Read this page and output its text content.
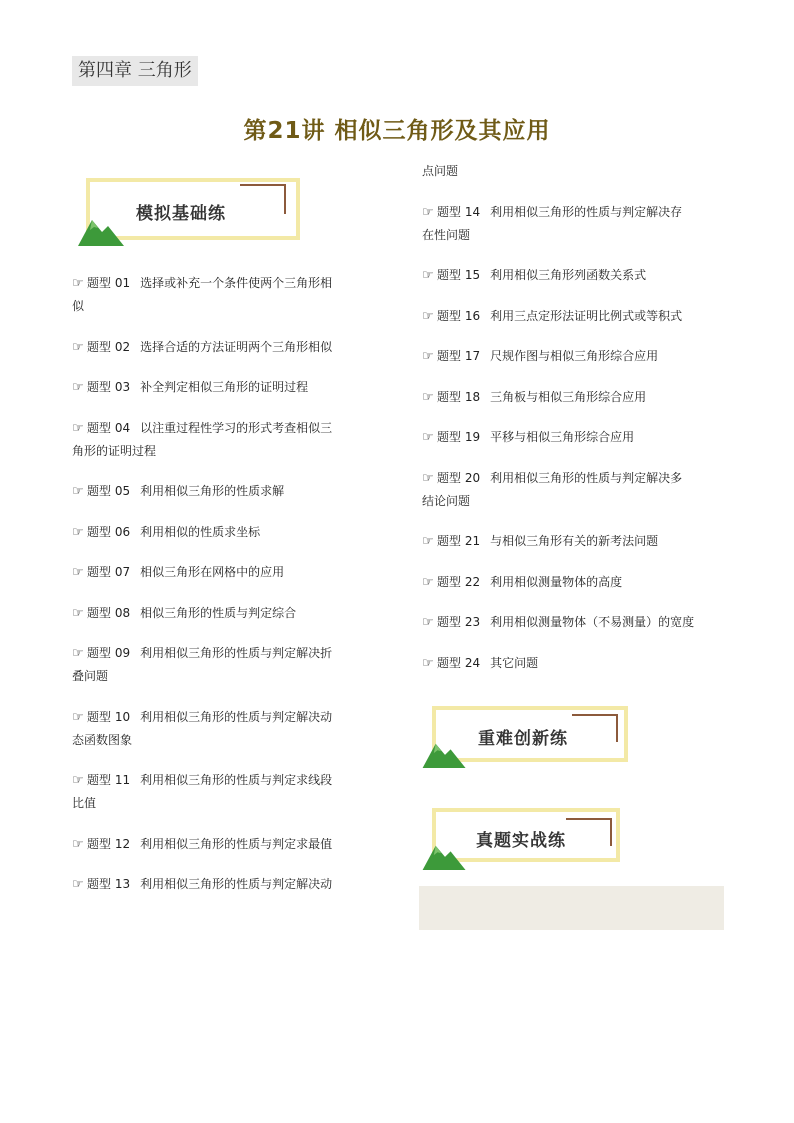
第四章 三角形
第21讲 相似三角形及其应用
模拟基础练
☞ 题型 01 选择或补充一个条件使两个三角形相
似
☞ 题型 02 选择合适的方法证明两个三角形相似
☞ 题型 03 补全判定相似三角形的证明过程
☞ 题型 04 以注重过程性学习的形式考查相似三
角形的证明过程
☞ 题型 05 利用相似三角形的性质求解
☞ 题型 06 利用相似的性质求坐标
☞ 题型 07 相似三角形在网格中的应用
☞ 题型 08 相似三角形的性质与判定综合
☞ 题型 09 利用相似三角形的性质与判定解决折
叠问题
☞ 题型 10 利用相似三角形的性质与判定解决动
态函数图象
☞ 题型 11 利用相似三角形的性质与判定求线段
比值
☞ 题型 12 利用相似三角形的性质与判定求最值
☞ 题型 13 利用相似三角形的性质与判定解决动
点问题
☞ 题型 14 利用相似三角形的性质与判定解决存
在性问题
☞ 题型 15 利用相似三角形列函数关系式
☞ 题型 16 利用三点定形法证明比例式或等积式
☞ 题型 17 尺规作图与相似三角形综合应用
☞ 题型 18 三角板与相似三角形综合应用
☞ 题型 19 平移与相似三角形综合应用
☞ 题型 20 利用相似三角形的性质与判定解决多
结论问题
☞ 题型 21 与相似三角形有关的新考法问题
☞ 题型 22 利用相似测量物体的高度
☞ 题型 23 利用相似测量物体（不易测量）的宽度
☞ 题型 24 其它问题
重难创新练
真题实战练
